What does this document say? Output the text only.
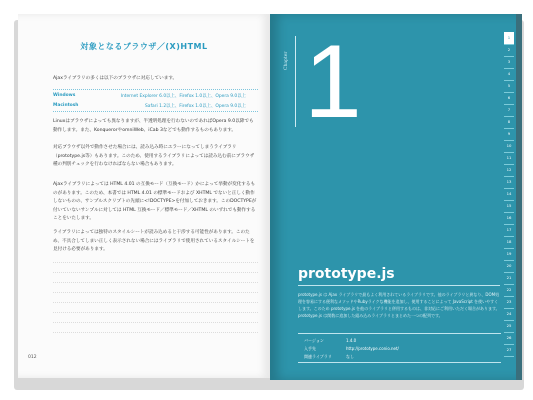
対象となるブラウザ／(X)HTML
Ajaxライブラリの多くは以下のブラウザに対応しています。
Windows	Internet Explorer 6.0以上、Firefox 1.0以上、Opera 9.0以上
Macintosh	Safari 1.2以上、Firefox 1.0以上、Opera 9.0以上
Linuxはブラウザによっても異なりますが、半透明処理を行わないのであればOpera 9.0以降でも動作します。また、KonquerorやomniWeb、iCab 3などでも動作するものもあります。
対応ブラウザ以外で動作させた場合には、読み込み時にエラーになってしまうライブラリ（prototype.js等）もあります。このため、使用するライブラリによっては読み込む前にブラウザ種の判別チェックを行わなければならない場合もあります。
Ajaxライブラリによっては HTML 4.01 の互換モード（互換モード）かによって挙動が変化するものがあります。このため、本書では HTML 4.01 の標準モードおよび XHTML でないと正しく動作しないものの、サンプルスクリプトの先頭に<!DOCTYPE>を付加しておきます。このDOCTYPEが付いていないサンプルに対しては HTML 互換モード／標準モード／XHTML のいずれでも動作することをいたします。
ライブラリによっては独特のスタイルシートが読み込めると干渉する可能性があります。このため、不具合してしまい正しく表示されない場合にはライブラリで使用されているスタイルシートを見付ける必要があります。
012
Chapter 1	1
2
3
4
5
6
7
8
9
10
11
12
13
14
15
16
17
18
19
20
21
22
23
24
25
26
27
prototype.js
prototype.js は Ajax ライブラリで最もよく利用されているライブラリです。他のライブラリと異なり、DOM処理を容易にする便利なメソッドやRubyライクな機能を追加し、使用することによって JavaScript を使いやすくします。このため prototype.js を他のライブラリと併用するものは、非対応にご利用いただく場合があります。prototype.js は関数に追加した組み込みライブラリとまとめた一つの配列です。
バージョン	1.4.0
入手先	http://prototype.conio.net/
関連ライブラリ	なし
